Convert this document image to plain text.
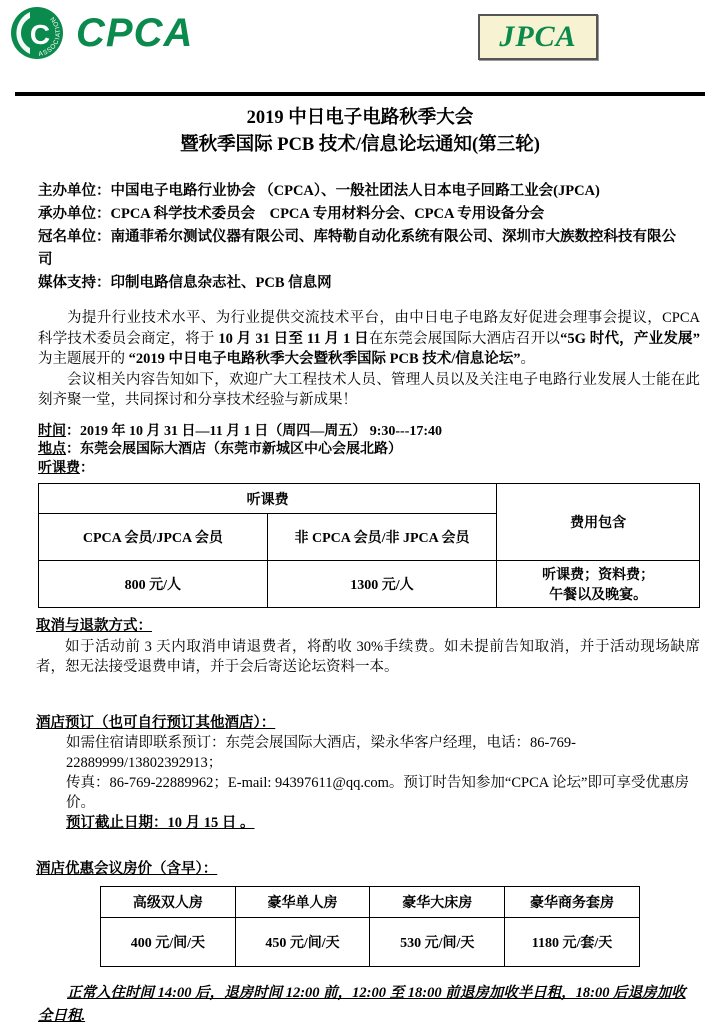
C
ASSOCIATION CPCA	JPCA
2019 中日电子电路秋季大会
暨秋季国际 PCB 技术/信息论坛通知(第三轮)
主办单位：中国电子电路行业协会 （CPCA）、一般社团法人日本电子回路工业会(JPCA)
承办单位：CPCA 科学技术委员会　CPCA 专用材料分会、CPCA 专用设备分会
冠名单位：南通菲希尔测试仪器有限公司、库特勒自动化系统有限公司、深圳市大族数控科技有限公司
媒体支持：印制电路信息杂志社、PCB 信息网

为提升行业技术水平、为行业提供交流技术平台，由中日电子电路友好促进会理事会提议，CPCA 科学技术委员会商定，将于 10 月 31 日至 11 月 1 日在东莞会展国际大酒店召开以“5G 时代，产业发展” 为主题展开的 “2019 中日电子电路秋季大会暨秋季国际 PCB 技术/信息论坛”。

会议相关内容告知如下，欢迎广大工程技术人员、管理人员以及关注电子电路行业发展人士能在此刻齐聚一堂，共同探讨和分享技术经验与新成果！

时间：2019 年 10 月 31 日—11 月 1 日（周四—周五） 9:30---17:40
地点：东莞会展国际大酒店（东莞市新城区中心会展北路）
听课费：
听课费		费用包含
CPCA 会员/JPCA 会员	非 CPCA 会员/非 JPCA 会员	
800 元/人	1300 元/人	听课费；资料费；
午餐以及晚宴。
取消与退款方式：

如于活动前 3 天内取消申请退费者，将酌收 30%手续费。如未提前告知取消，并于活动现场缺席者，恕无法接受退费申请，并于会后寄送论坛资料一本。

酒店预订（也可自行预订其他酒店）：
如需住宿请即联系预订：东莞会展国际大酒店，梁永华客户经理，电话：86-769-22889999/13802392913；
传真：86-769-22889962；E-mail: 94397611@qq.com。预订时告知参加“CPCA 论坛”即可享受优惠房价。
预订截止日期：10 月 15 日 。
酒店优惠会议房价（含早）：
高级双人房	豪华单人房	豪华大床房	豪华商务套房
400 元/间/天	450 元/间/天	530 元/间/天	1180 元/套/天
正常入住时间 14:00 后，退房时间 12:00 前，12:00 至 18:00 前退房加收半日租，18:00 后退房加收全日租.
